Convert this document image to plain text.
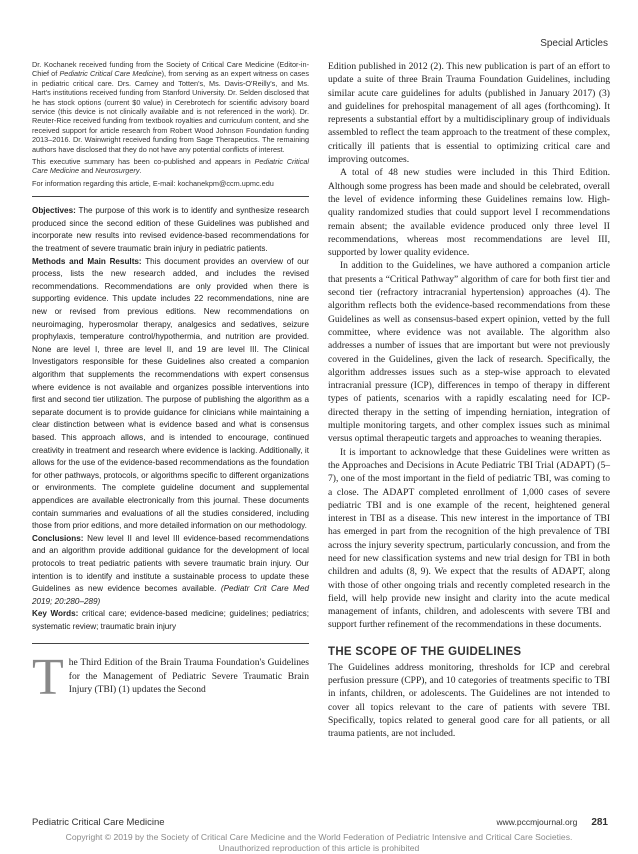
Special Articles

Dr. Kochanek received funding from the Society of Critical Care Medicine (Editor-in-Chief of Pediatric Critical Care Medicine), from serving as an expert witness on cases in pediatric critical care. Drs. Carney and Totten's, Ms. Davis-O'Reilly's, and Ms. Hart's institutions received funding from Stanford University. Dr. Selden disclosed that he has stock options (current $0 value) in Cerebrotech for scientific advisory board service (this device is not clinically available and is not referenced in the work). Dr. Reuter-Rice received funding from textbook royalties and curriculum content, and she received support for article research from Robert Wood Johnson Foundation funding 2013–2016. Dr. Wainwright received funding from Sage Therapeutics. The remaining authors have disclosed that they do not have any potential conflicts of interest.

This executive summary has been co-published and appears in Pediatric Critical Care Medicine and Neurosurgery.

For information regarding this article, E-mail: kochanekpm@ccm.upmc.edu

Objectives: The purpose of this work is to identify and synthesize research produced since the second edition of these Guidelines was published and incorporate new results into revised evidence-based recommendations for the treatment of severe traumatic brain injury in pediatric patients.

Methods and Main Results: This document provides an overview of our process, lists the new research added, and includes the revised recommendations. Recommendations are only provided when there is supporting evidence. This update includes 22 recommendations, nine are new or revised from previous editions. New recommendations on neuroimaging, hyperosmolar therapy, analgesics and sedatives, seizure prophylaxis, temperature control/hypothermia, and nutrition are provided. None are level I, three are level II, and 19 are level III. The Clinical Investigators responsible for these Guidelines also created a companion algorithm that supplements the recommendations with expert consensus where evidence is not available and organizes possible interventions into first and second tier utilization. The purpose of publishing the algorithm as a separate document is to provide guidance for clinicians while maintaining a clear distinction between what is evidence based and what is consensus based. This approach allows, and is intended to encourage, continued creativity in treatment and research where evidence is lacking. Additionally, it allows for the use of the evidence-based recommendations as the foundation for other pathways, protocols, or algorithms specific to different organizations or environments. The complete guideline document and supplemental appendices are available electronically from this journal. These documents contain summaries and evaluations of all the studies considered, including those from prior editions, and more detailed information on our methodology.

Conclusions: New level II and level III evidence-based recommendations and an algorithm provide additional guidance for the development of local protocols to treat pediatric patients with severe traumatic brain injury. Our intention is to identify and institute a sustainable process to update these Guidelines as new evidence becomes available. (Pediatr Crit Care Med 2019; 20:280–289)

Key Words: critical care; evidence-based medicine; guidelines; pediatrics; systematic review; traumatic brain injury

The Third Edition of the Brain Trauma Foundation's Guidelines for the Management of Pediatric Severe Traumatic Brain Injury (TBI) (1) updates the Second

Edition published in 2012 (2). This new publication is part of an effort to update a suite of three Brain Trauma Foundation Guidelines, including similar acute care guidelines for adults (published in January 2017) (3) and guidelines for prehospital management of all ages (forthcoming). It represents a substantial effort by a multidisciplinary group of individuals assembled to reflect the team approach to the treatment of these complex, critically ill patients that is essential to optimizing critical care and improving outcomes.

A total of 48 new studies were included in this Third Edition. Although some progress has been made and should be celebrated, overall the level of evidence informing these Guidelines remains low. High-quality randomized studies that could support level I recommendations remain absent; the available evidence produced only three level II recommendations, whereas most recommendations are level III, supported by lower quality evidence.

In addition to the Guidelines, we have authored a companion article that presents a “Critical Pathway” algorithm of care for both first tier and second tier (refractory intracranial hypertension) approaches (4). The algorithm reflects both the evidence-based recommendations from these Guidelines as well as consensus-based expert opinion, vetted by the full committee, where evidence was not available. The algorithm also addresses a number of issues that are important but were not previously covered in the Guidelines, given the lack of research. Specifically, the algorithm addresses issues such as a step-wise approach to elevated intracranial pressure (ICP), differences in tempo of therapy in different types of patients, scenarios with a rapidly escalating need for ICP-directed therapy in the setting of impending herniation, integration of multiple monitoring targets, and other complex issues such as minimal versus optimal therapeutic targets and approaches to weaning therapies.

It is important to acknowledge that these Guidelines were written as the Approaches and Decisions in Acute Pediatric TBI Trial (ADAPT) (5–7), one of the most important in the field of pediatric TBI, was coming to a close. The ADAPT completed enrollment of 1,000 cases of severe pediatric TBI and is one example of the recent, heightened general interest in TBI as a disease. This new interest in the importance of TBI has emerged in part from the recognition of the high prevalence of TBI across the injury severity spectrum, particularly concussion, and from the need for new classification systems and new trial design for TBI in both children and adults (8, 9). We expect that the results of ADAPT, along with those of other ongoing trials and recently completed research in the field, will help provide new insight and clarity into the acute medical management of infants, children, and adolescents with severe TBI and support further refinement of the recommendations in these documents.

THE SCOPE OF THE GUIDELINES

The Guidelines address monitoring, thresholds for ICP and cerebral perfusion pressure (CPP), and 10 categories of treatments specific to TBI in infants, children, or adolescents. The Guidelines are not intended to cover all topics relevant to the care of patients with severe TBI. Specifically, topics related to general good care for all patients, or all trauma patients, are not included.

Pediatric Critical Care Medicine	www.pccmjournal.org 281
Copyright © 2019 by the Society of Critical Care Medicine and the World Federation of Pediatric Intensive and Critical Care Societies.
Unauthorized reproduction of this article is prohibited
